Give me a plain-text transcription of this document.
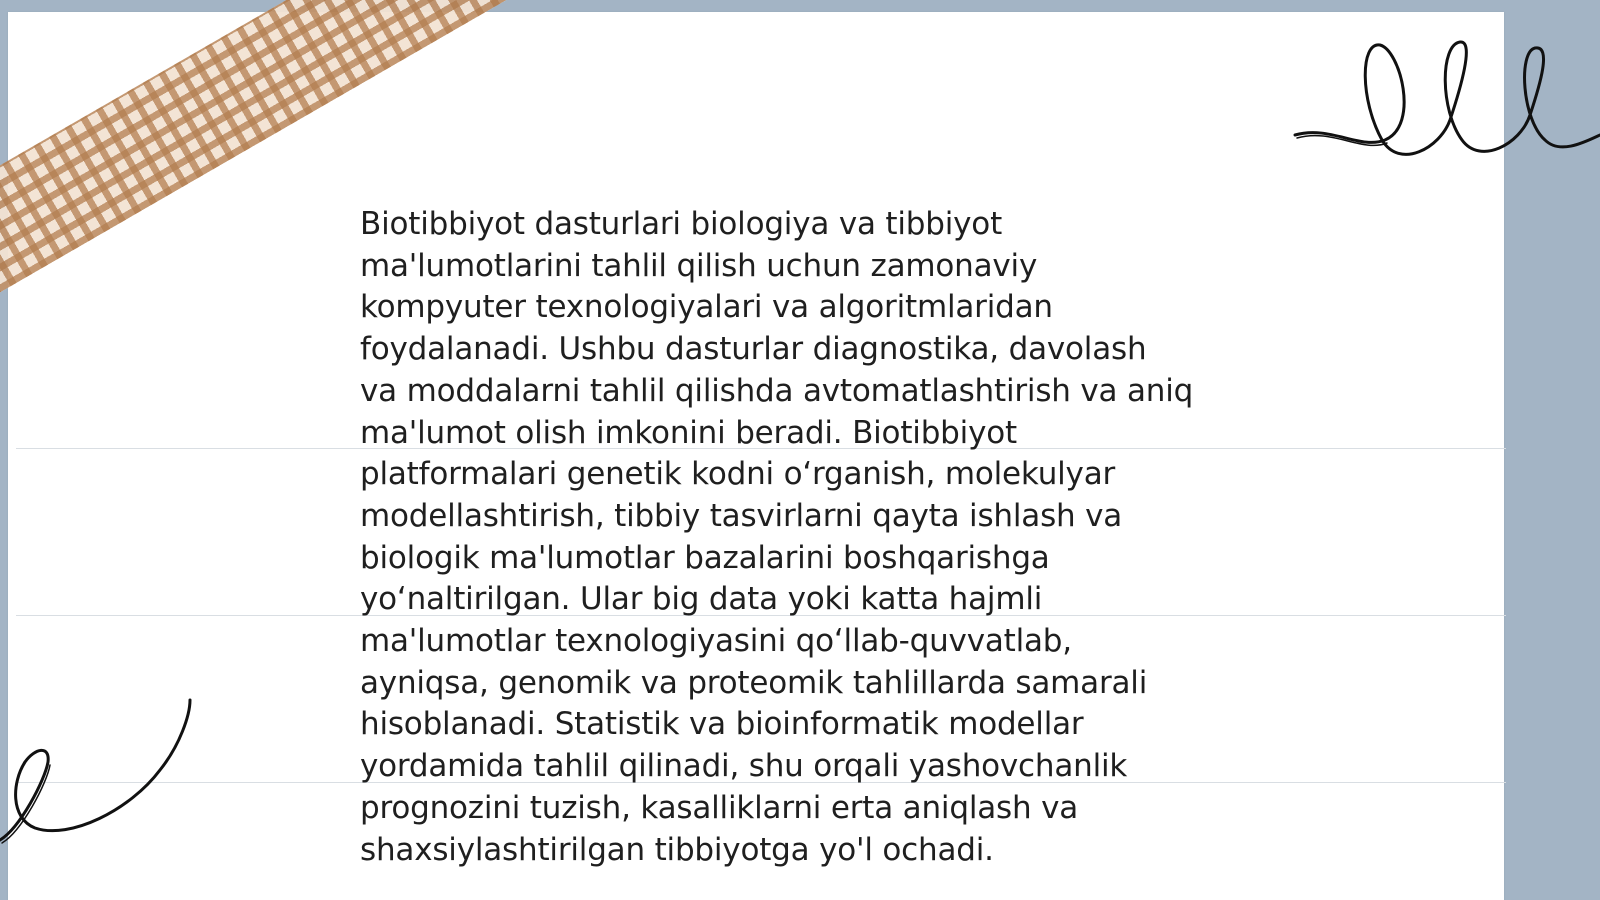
Biotibbiyot dasturlari biologiya va tibbiyot
ma'lumotlarini tahlil qilish uchun zamonaviy
kompyuter texnologiyalari va algoritmlaridan
foydalanadi. Ushbu dasturlar diagnostika, davolash
va moddalarni tahlil qilishda avtomatlashtirish va aniq
ma'lumot olish imkonini beradi. Biotibbiyot
platformalari genetik kodni o‘rganish, molekulyar
modellashtirish, tibbiy tasvirlarni qayta ishlash va
biologik ma'lumotlar bazalarini boshqarishga
yo‘naltirilgan. Ular big data yoki katta hajmli
ma'lumotlar texnologiyasini qo‘llab-quvvatlab,
ayniqsa, genomik va proteomik tahlillarda samarali
hisoblanadi. Statistik va bioinformatik modellar
yordamida tahlil qilinadi, shu orqali yashovchanlik
prognozini tuzish, kasalliklarni erta aniqlash va
shaxsiylashtirilgan tibbiyotga yo'l ochadi.
